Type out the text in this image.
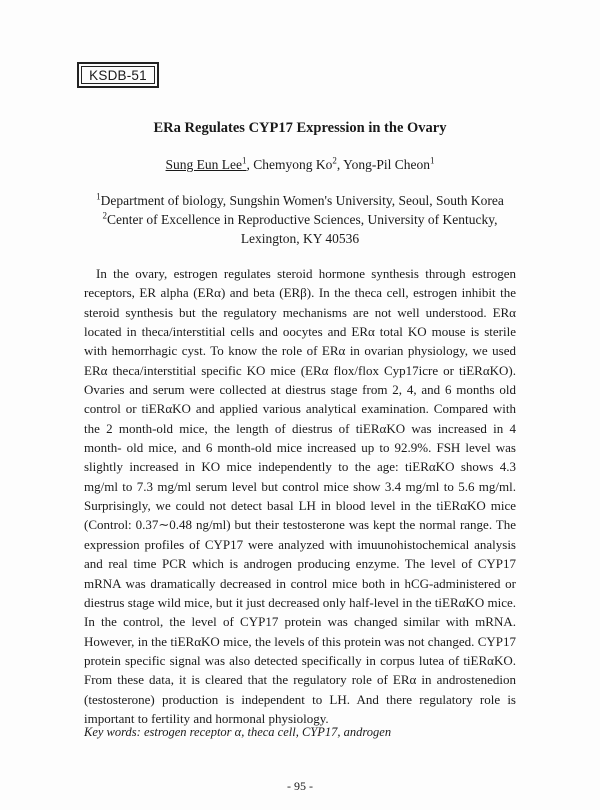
KSDB-51
ERa Regulates CYP17 Expression in the Ovary
Sung Eun Lee$^1$, Chemyong Ko$^2$, Yong-Pil Cheon$^1$
$^1$Department of biology, Sungshin Women's University, Seoul, South Korea
$^2$Center of Excellence in Reproductive Sciences, University of Kentucky,
Lexington, KY 40536
In the ovary, estrogen regulates steroid hormone synthesis through estrogen receptors, ER alpha (ERα) and beta (ERβ). In the theca cell, estrogen inhibit the steroid synthesis but the regulatory mechanisms are not well understood. ERα located in theca/interstitial cells and oocytes and ERα total KO mouse is sterile with hemorrhagic cyst. To know the role of ERα in ovarian physiology, we used ERα theca/interstitial specific KO mice (ERα flox/flox Cyp17icre or tiERαKO). Ovaries and serum were collected at diestrus stage from 2, 4, and 6 months old control or tiERαKO and applied various analytical examination. Compared with the 2 month-old mice, the length of diestrus of tiERαKO was increased in 4 month- old mice, and 6 month-old mice increased up to 92.9%. FSH level was slightly increased in KO mice independently to the age: tiERαKO shows 4.3 mg/ml to 7.3 mg/ml serum level but control mice show 3.4 mg/ml to 5.6 mg/ml. Surprisingly, we could not detect basal LH in blood level in the tiERαKO mice (Control: 0.37∼0.48 ng/ml) but their testosterone was kept the normal range. The expression profiles of CYP17 were analyzed with imuunohistochemical analysis and real time PCR which is androgen producing enzyme. The level of CYP17 mRNA was dramatically decreased in control mice both in hCG-administered or diestrus stage wild mice, but it just decreased only half-level in the tiERαKO mice. In the control, the level of CYP17 protein was changed similar with mRNA. However, in the tiERαKO mice, the levels of this protein was not changed. CYP17 protein specific signal was also detected specifically in corpus lutea of tiERαKO. From these data, it is cleared that the regulatory role of ERα in androstenedion (testosterone) production is independent to LH. And there regulatory role is important to fertility and hormonal physiology.
Key words: estrogen receptor α, theca cell, CYP17, androgen
- 95 -
